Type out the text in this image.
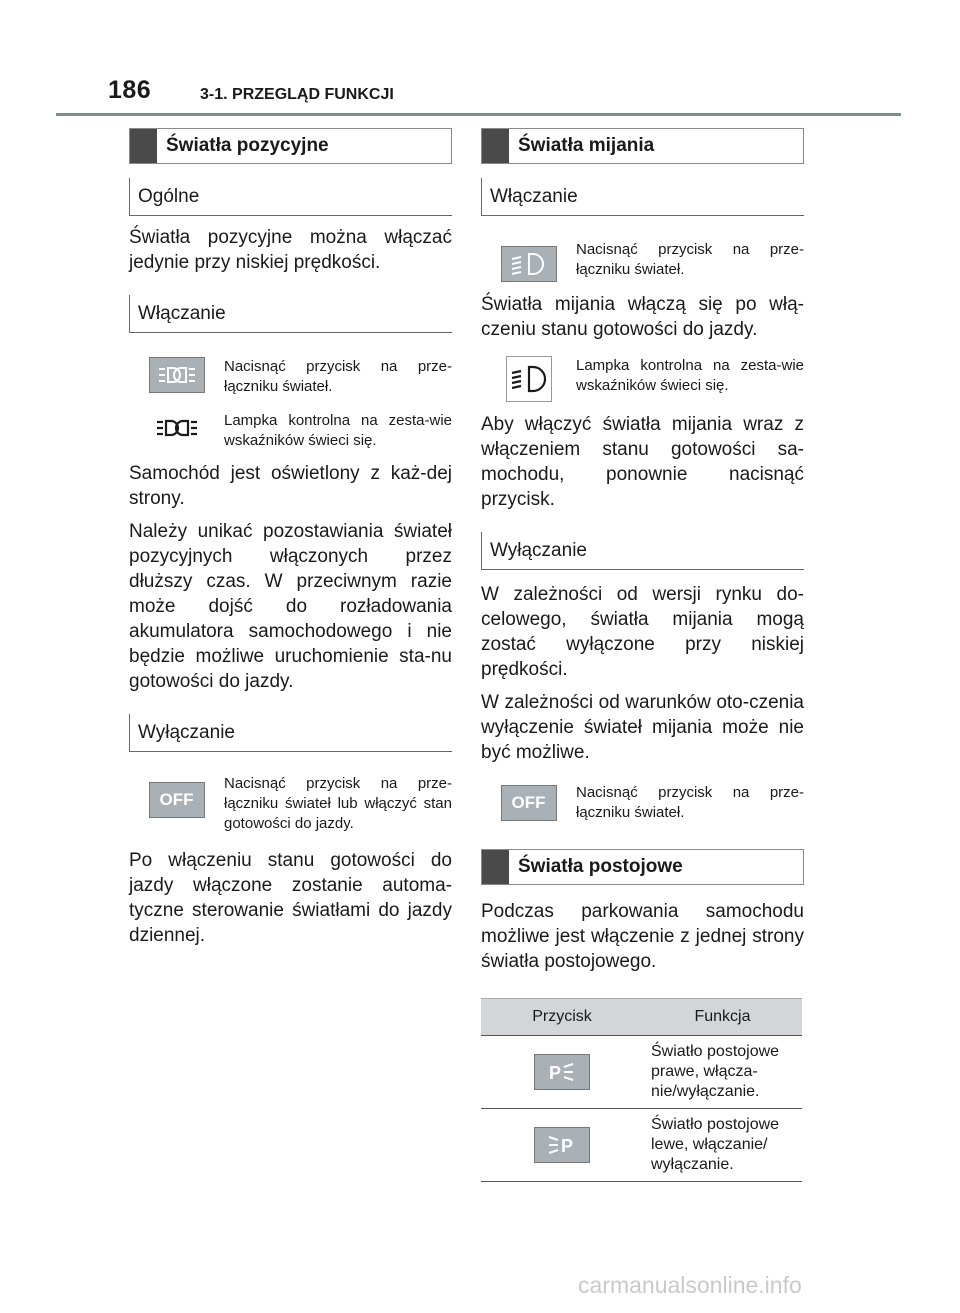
186	3-1. PRZEGLĄD FUNKCJI
Światła pozycyjne
Ogólne

Światła pozycyjne można włączać jedynie przy niskiej prędkości.

Włączanie
Nacisnąć przycisk na prze-łączniku świateł.
Lampka kontrolna na zesta-wie wskaźników świeci się.

Samochód jest oświetlony z każ-dej strony.

Należy unikać pozostawiania świateł pozycyjnych włączonych przez dłuższy czas. W przeciwnym razie może dojść do rozładowania akumulatora samochodowego i nie będzie możliwe uruchomienie sta-nu gotowości do jazdy.

Wyłączanie
OFF
Nacisnąć przycisk na prze-łączniku świateł lub włączyć stan gotowości do jazdy.

Po włączeniu stanu gotowości do jazdy włączone zostanie automa-tyczne sterowanie światłami do jazdy dziennej.

Światła mijania
Włączanie
Nacisnąć przycisk na prze-łączniku świateł.

Światła mijania włączą się po włą-czeniu stanu gotowości do jazdy.

Lampka kontrolna na zesta-wie wskaźników świeci się.

Aby włączyć światła mijania wraz z włączeniem stanu gotowości sa-mochodu, ponownie nacisnąć przycisk.

Wyłączanie

W zależności od wersji rynku do-celowego, światła mijania mogą zostać wyłączone przy niskiej prędkości.

W zależności od warunków oto-czenia wyłączenie świateł mijania może nie być możliwe.

OFF
Nacisnąć przycisk na prze-łączniku świateł.
Światła postojowe

Podczas parkowania samochodu możliwe jest włączenie z jednej strony światła postojowego.

Przycisk	Funkcja

P	Światło postojowe prawe, włącza-nie/wyłączanie.

P	Światło postojowe lewe, włączanie/ wyłączanie.
carmanualsonline.info
